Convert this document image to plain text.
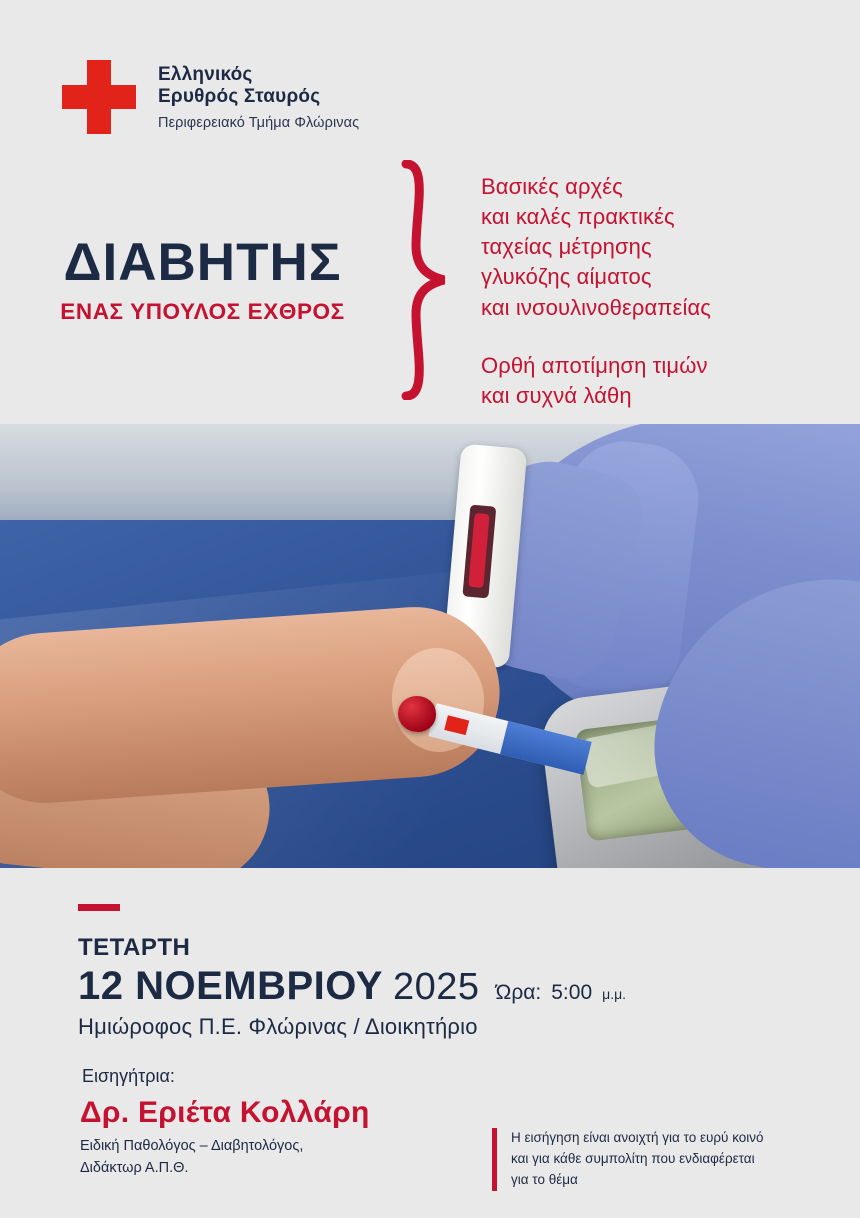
Ελληνικός
Ερυθρός Σταυρός
Περιφερειακό Τμήμα Φλώρινας
ΔΙΑΒΗΤΗΣ
ΕΝΑΣ ΥΠΟΥΛΟΣ ΕΧΘΡΟΣ

Βασικές αρχές
και καλές πρακτικές
ταχείας μέτρησης
γλυκόζης αίματος
και ινσουλινοθεραπείας

Ορθή αποτίμηση τιμών
και συχνά λάθη

ΤΕΤΑΡΤΗ
12 ΝΟΕΜΒΡΙΟΥ 2025 Ώρα: 5:00 μ.μ.
Ημιώροφος Π.Ε. Φλώρινας / Διοικητήριο
Εισηγήτρια:
Δρ. Εριέτα Κολλάρη
Ειδική Παθολόγος – Διαβητολόγος,
Διδάκτωρ Α.Π.Θ.
Η εισήγηση είναι ανοιχτή για το ευρύ κοινό
και για κάθε συμπολίτη που ενδιαφέρεται
για το θέμα
